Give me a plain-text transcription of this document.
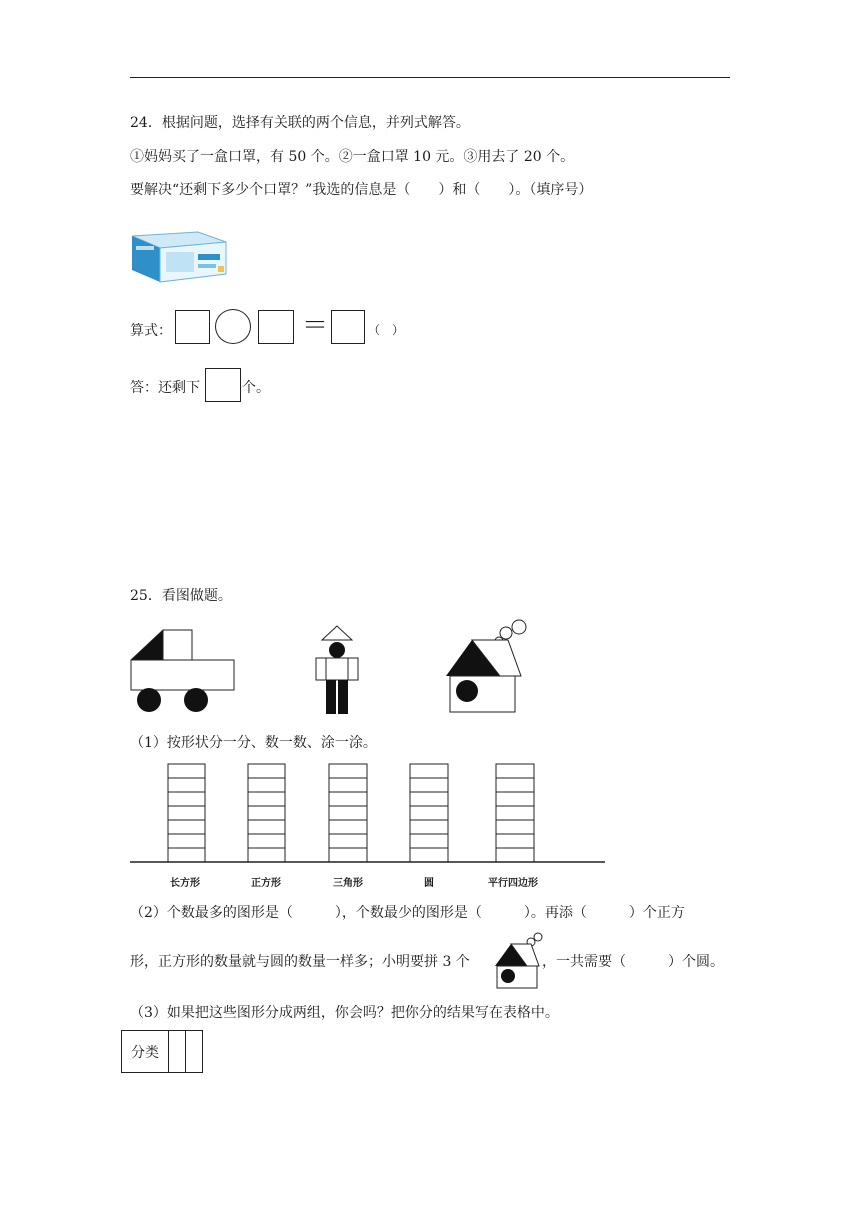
24．根据问题，选择有关联的两个信息，并列式解答。
①妈妈买了一盒口罩，有 50 个。②一盒口罩 10 元。③用去了 20 个。
要解决“还剩下多少个口罩？”我选的信息是（　　）和（　　）。（填序号）
算式：	＝	（　）
答：还剩下	个。
25．看图做题。
（1）按形状分一分、数一数、涂一涂。
长方形	正方形	三角形	圆	平行四边形
（2）个数最多的图形是（　　　），个数最少的图形是（　　　）。再添（　　　）个正方
形，正方形的数量就与圆的数量一样多；小明要拼 3 个	，一共需要（　　　）个圆。
（3）如果把这些图形分成两组，你会吗？把你分的结果写在表格中。
分类		
